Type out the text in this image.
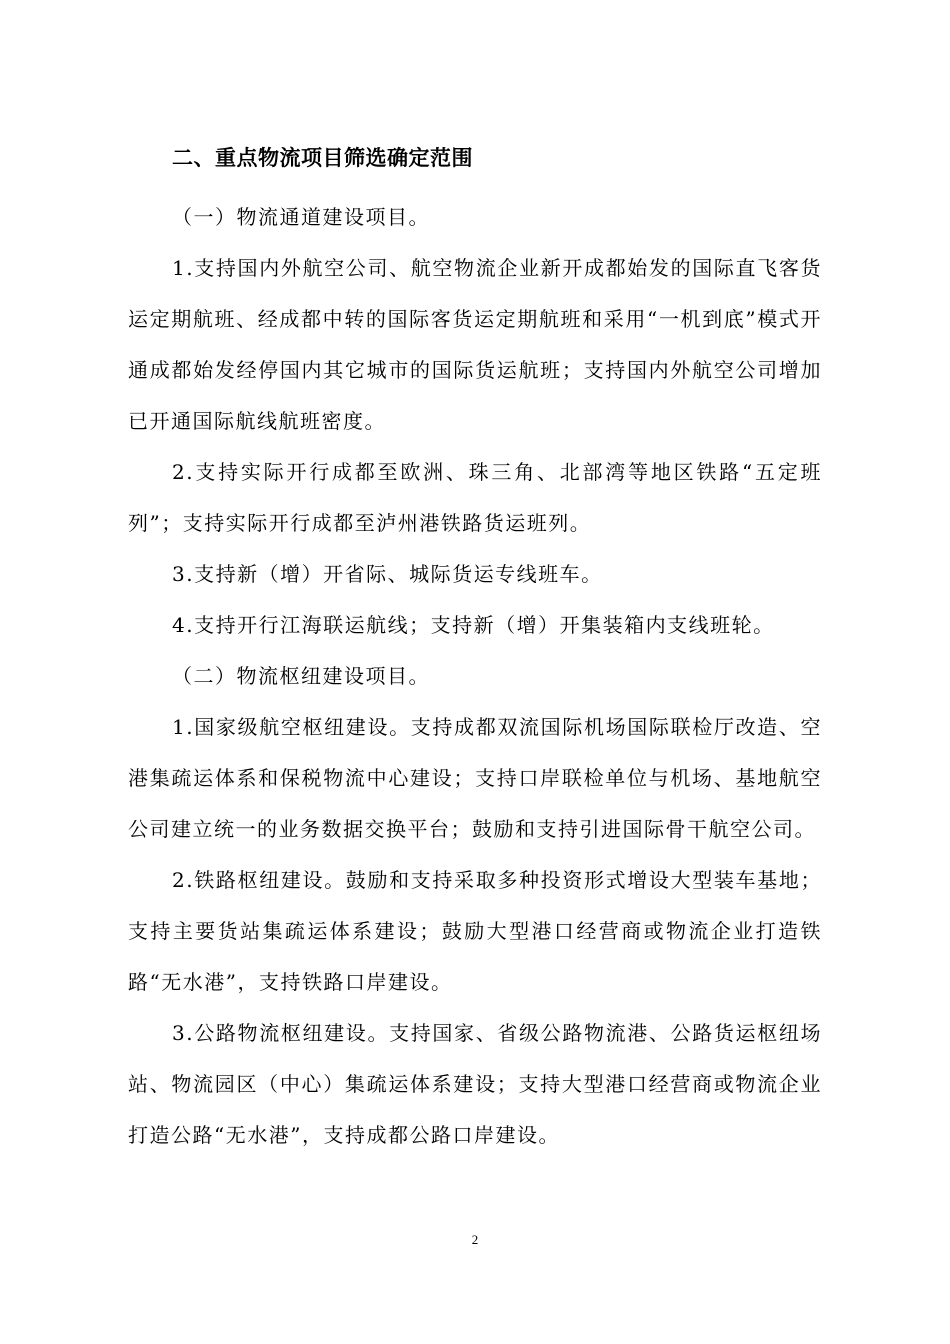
二、重点物流项目筛选确定范围

（一）物流通道建设项目。

1.支持国内外航空公司、航空物流企业新开成都始发的国际直飞客货运定期航班、经成都中转的国际客货运定期航班和采用“一机到底”模式开通成都始发经停国内其它城市的国际货运航班；支持国内外航空公司增加已开通国际航线航班密度。

2.支持实际开行成都至欧洲、珠三角、北部湾等地区铁路“五定班列”；支持实际开行成都至泸州港铁路货运班列。

3.支持新（增）开省际、城际货运专线班车。

4.支持开行江海联运航线；支持新（增）开集装箱内支线班轮。

（二）物流枢纽建设项目。

1.国家级航空枢纽建设。支持成都双流国际机场国际联检厅改造、空港集疏运体系和保税物流中心建设；支持口岸联检单位与机场、基地航空公司建立统一的业务数据交换平台；鼓励和支持引进国际骨干航空公司。

2.铁路枢纽建设。鼓励和支持采取多种投资形式增设大型装车基地；支持主要货站集疏运体系建设；鼓励大型港口经营商或物流企业打造铁路“无水港”，支持铁路口岸建设。

3.公路物流枢纽建设。支持国家、省级公路物流港、公路货运枢纽场站、物流园区（中心）集疏运体系建设；支持大型港口经营商或物流企业打造公路“无水港”，支持成都公路口岸建设。

2
